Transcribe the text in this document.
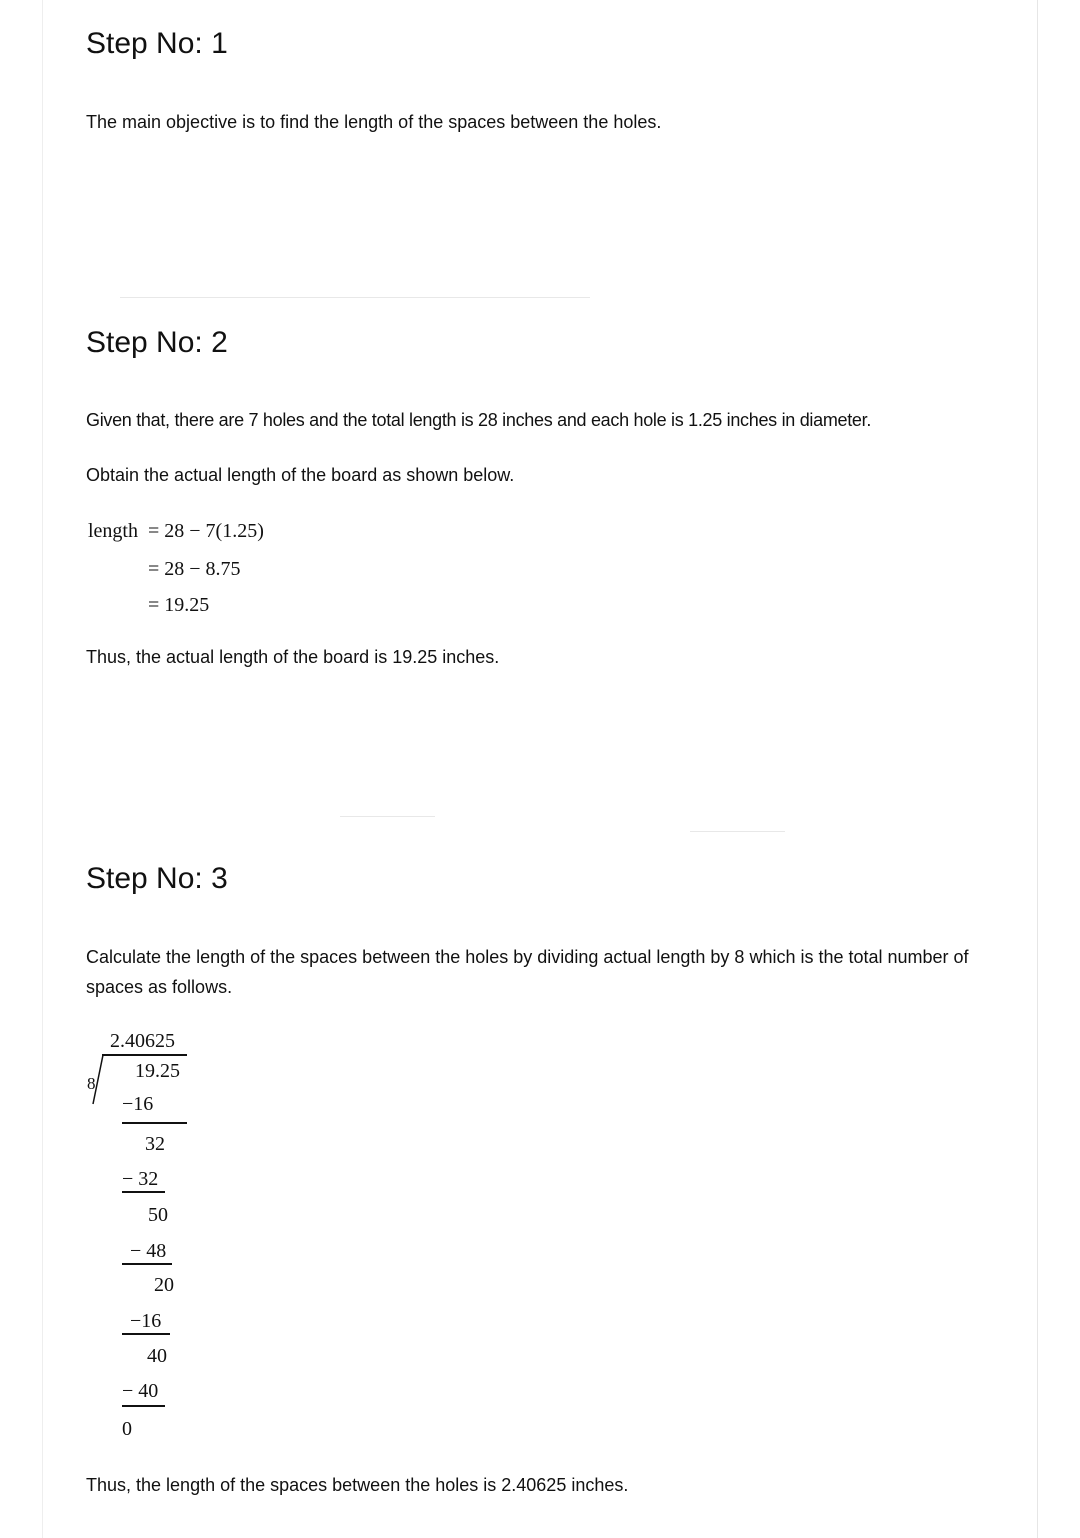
Step No: 1
The main objective is to find the length of the spaces between the holes.
Step No: 2
Given that, there are 7 holes and the total length is 28 inches and each hole is 1.25 inches in diameter.
Obtain the actual length of the board as shown below.
length = 28 − 7(1.25)
= 28 − 8.75
= 19.25
Thus, the actual length of the board is 19.25 inches.
Step No: 3
Calculate the length of the spaces between the holes by dividing actual length by 8 which is the total number of spaces as follows.
2.40625
8
19.25
−16
32
− 32
50
− 48
20
−16
40
− 40
0
Thus, the length of the spaces between the holes is 2.40625 inches.
